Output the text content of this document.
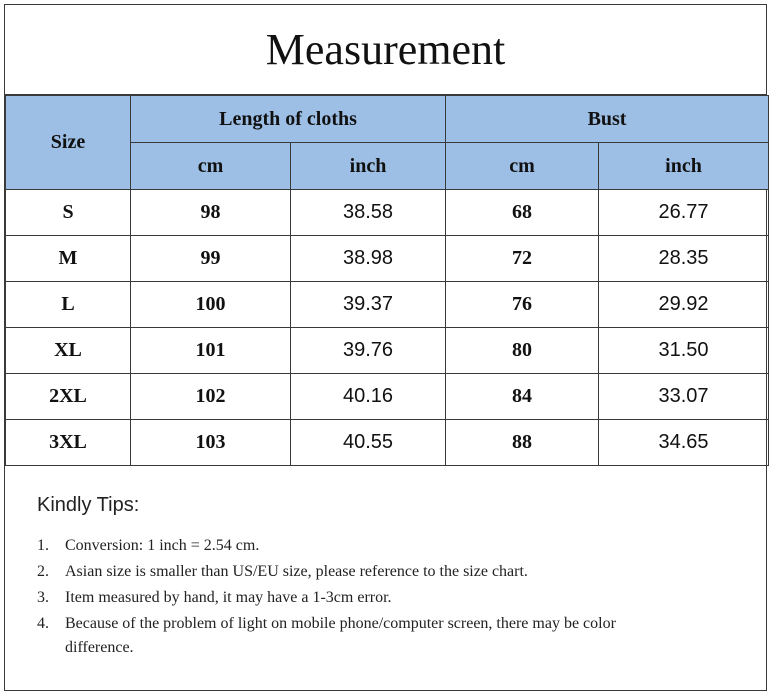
Measurement
Size	Length of cloths		Bust	
	cm	inch	cm	inch
S	98	38.58	68	26.77
M	99	38.98	72	28.35
L	100	39.37	76	29.92
XL	101	39.76	80	31.50
2XL	102	40.16	84	33.07
3XL	103	40.55	88	34.65
Kindly Tips:
1. Conversion: 1 inch = 2.54 cm.
2. Asian size is smaller than US/EU size, please reference to the size chart.
3. Item measured by hand, it may have a 1-3cm error.
4. Because of the problem of light on mobile phone/computer screen, there may be color difference.
